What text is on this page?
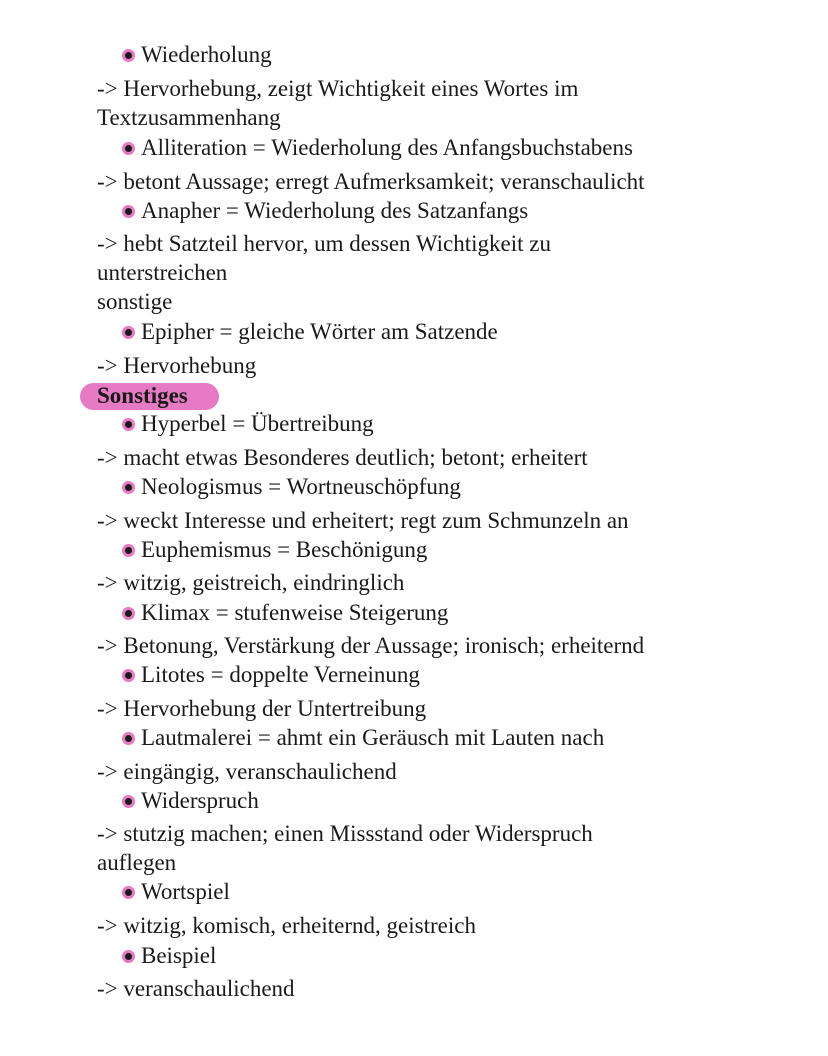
Wiederholung
-> Hervorhebung, zeigt Wichtigkeit eines Wortes im
Textzusammenhang
Alliteration = Wiederholung des Anfangsbuchstabens
-> betont Aussage; erregt Aufmerksamkeit; veranschaulicht
Anapher = Wiederholung des Satzanfangs
-> hebt Satzteil hervor, um dessen Wichtigkeit zu
unterstreichen
sonstige
Epipher = gleiche Wörter am Satzende
-> Hervorhebung
Sonstiges
Hyperbel = Übertreibung
-> macht etwas Besonderes deutlich; betont; erheitert
Neologismus = Wortneuschöpfung
-> weckt Interesse und erheitert; regt zum Schmunzeln an
Euphemismus = Beschönigung
-> witzig, geistreich, eindringlich
Klimax = stufenweise Steigerung
-> Betonung, Verstärkung der Aussage; ironisch; erheiternd
Litotes = doppelte Verneinung
-> Hervorhebung der Untertreibung
Lautmalerei = ahmt ein Geräusch mit Lauten nach
-> eingängig, veranschaulichend
Widerspruch
-> stutzig machen; einen Missstand oder Widerspruch
auflegen
Wortspiel
-> witzig, komisch, erheiternd, geistreich
Beispiel
-> veranschaulichend
